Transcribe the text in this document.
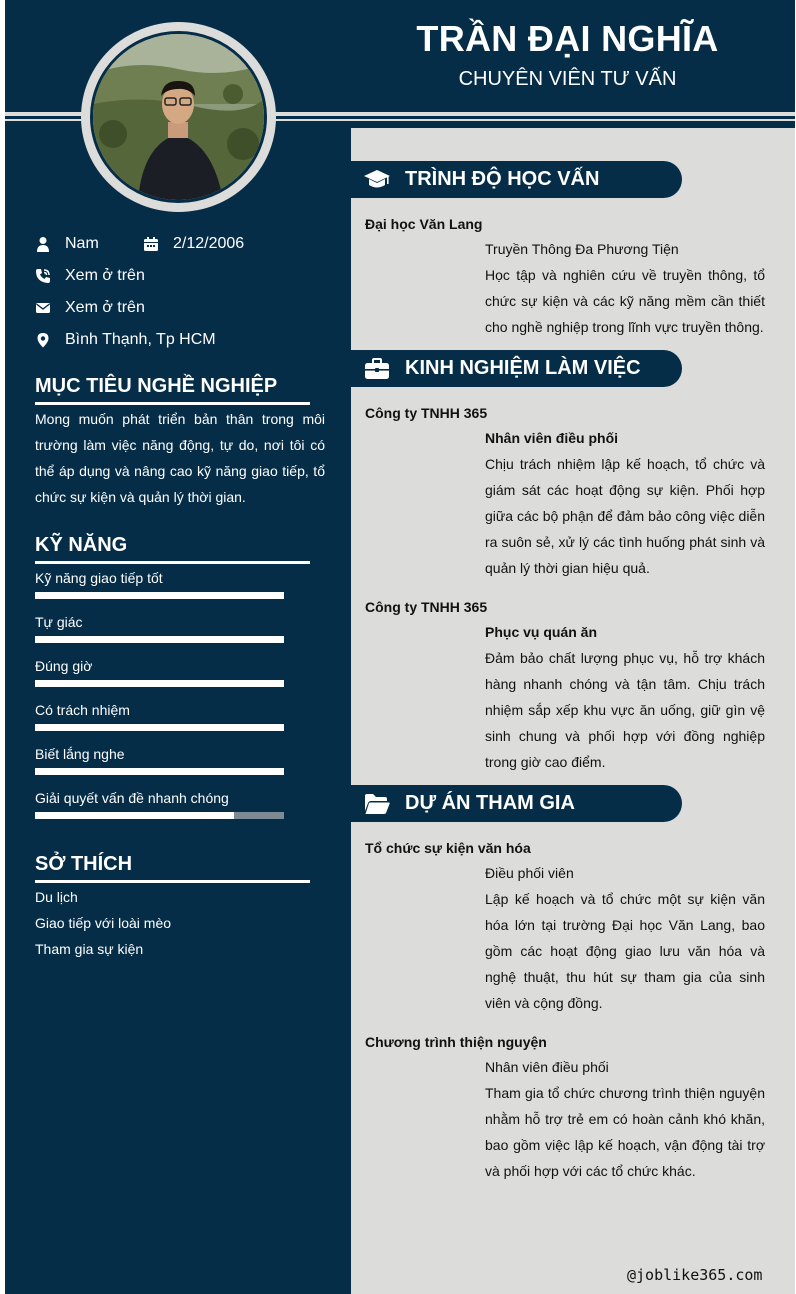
TRẦN ĐẠI NGHĨA
CHUYÊN VIÊN TƯ VẤN
Nam	2/12/2006
Xem ở trên
Xem ở trên
Bình Thạnh, Tp HCM
MỤC TIÊU NGHỀ NGHIỆP
Mong muốn phát triển bản thân trong môi trường làm việc năng động, tự do, nơi tôi có thể áp dụng và nâng cao kỹ năng giao tiếp, tổ chức sự kiện và quản lý thời gian.
KỸ NĂNG
Kỹ năng giao tiếp tốt
Tự giác
Đúng giờ
Có trách nhiệm
Biết lắng nghe
Giải quyết vấn đề nhanh chóng
SỞ THÍCH
Du lịch
Giao tiếp với loài mèo
Tham gia sự kiện
TRÌNH ĐỘ HỌC VẤN
Đại học Văn Lang
Truyền Thông Đa Phương Tiện
Học tập và nghiên cứu về truyền thông, tổ chức sự kiện và các kỹ năng mềm cần thiết cho nghề nghiệp trong lĩnh vực truyền thông.
KINH NGHIỆM LÀM VIỆC
Công ty TNHH 365
Nhân viên điều phối
Chịu trách nhiệm lập kế hoạch, tổ chức và giám sát các hoạt động sự kiện. Phối hợp giữa các bộ phận để đảm bảo công việc diễn ra suôn sẻ, xử lý các tình huống phát sinh và quản lý thời gian hiệu quả.
Công ty TNHH 365
Phục vụ quán ăn
Đảm bảo chất lượng phục vụ, hỗ trợ khách hàng nhanh chóng và tận tâm. Chịu trách nhiệm sắp xếp khu vực ăn uống, giữ gìn vệ sinh chung và phối hợp với đồng nghiệp trong giờ cao điểm.
DỰ ÁN THAM GIA
Tổ chức sự kiện văn hóa
Điều phối viên
Lập kế hoạch và tổ chức một sự kiện văn hóa lớn tại trường Đại học Văn Lang, bao gồm các hoạt động giao lưu văn hóa và nghệ thuật, thu hút sự tham gia của sinh viên và cộng đồng.
Chương trình thiện nguyện
Nhân viên điều phối
Tham gia tổ chức chương trình thiện nguyện nhằm hỗ trợ trẻ em có hoàn cảnh khó khăn, bao gồm việc lập kế hoạch, vận động tài trợ và phối hợp với các tổ chức khác.
@joblike365.com
